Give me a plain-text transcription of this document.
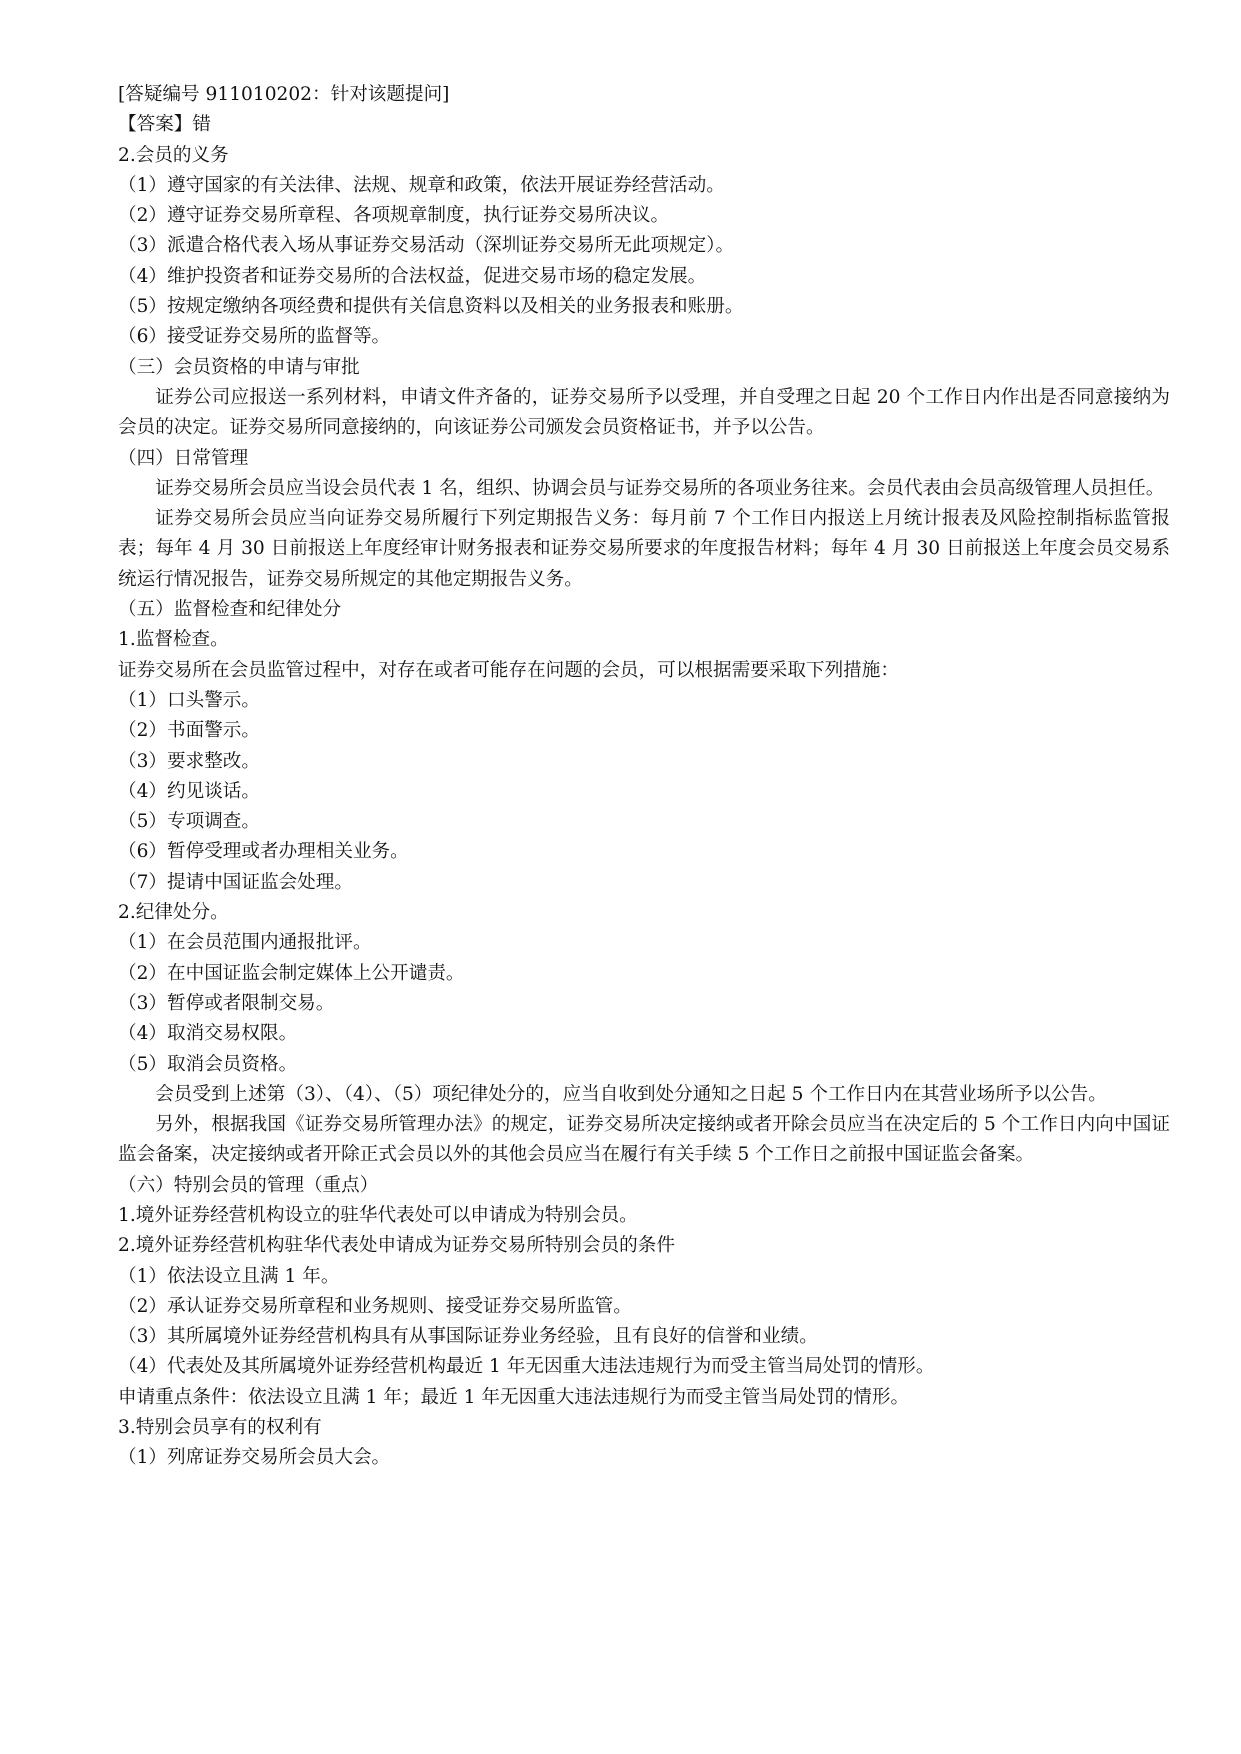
[答疑编号 911010202：针对该题提问]
【答案】错
2.会员的义务
（1）遵守国家的有关法律、法规、规章和政策，依法开展证券经营活动。
（2）遵守证券交易所章程、各项规章制度，执行证券交易所决议。
（3）派遣合格代表入场从事证券交易活动（深圳证券交易所无此项规定）。
（4）维护投资者和证券交易所的合法权益，促进交易市场的稳定发展。
（5）按规定缴纳各项经费和提供有关信息资料以及相关的业务报表和账册。
（6）接受证券交易所的监督等。
（三）会员资格的申请与审批

证券公司应报送一系列材料，申请文件齐备的，证券交易所予以受理，并自受理之日起 20 个工作日内作出是否同意接纳为会员的决定。证券交易所同意接纳的，向该证券公司颁发会员资格证书，并予以公告。

（四）日常管理

证券交易所会员应当设会员代表 1 名，组织、协调会员与证券交易所的各项业务往来。会员代表由会员高级管理人员担任。

证券交易所会员应当向证券交易所履行下列定期报告义务：每月前 7 个工作日内报送上月统计报表及风险控制指标监管报表；每年 4 月 30 日前报送上年度经审计财务报表和证券交易所要求的年度报告材料；每年 4 月 30 日前报送上年度会员交易系统运行情况报告，证券交易所规定的其他定期报告义务。

（五）监督检查和纪律处分
1.监督检查。
证券交易所在会员监管过程中，对存在或者可能存在问题的会员，可以根据需要采取下列措施：
（1）口头警示。
（2）书面警示。
（3）要求整改。
（4）约见谈话。
（5）专项调查。
（6）暂停受理或者办理相关业务。
（7）提请中国证监会处理。
2.纪律处分。
（1）在会员范围内通报批评。
（2）在中国证监会制定媒体上公开谴责。
（3）暂停或者限制交易。
（4）取消交易权限。
（5）取消会员资格。

会员受到上述第（3）、（4）、（5）项纪律处分的，应当自收到处分通知之日起 5 个工作日内在其营业场所予以公告。

另外，根据我国《证券交易所管理办法》的规定，证券交易所决定接纳或者开除会员应当在决定后的 5 个工作日内向中国证监会备案，决定接纳或者开除正式会员以外的其他会员应当在履行有关手续 5 个工作日之前报中国证监会备案。

（六）特别会员的管理（重点）
1.境外证券经营机构设立的驻华代表处可以申请成为特别会员。
2.境外证券经营机构驻华代表处申请成为证券交易所特别会员的条件
（1）依法设立且满 1 年。
（2）承认证券交易所章程和业务规则、接受证券交易所监管。
（3）其所属境外证券经营机构具有从事国际证券业务经验，且有良好的信誉和业绩。
（4）代表处及其所属境外证券经营机构最近 1 年无因重大违法违规行为而受主管当局处罚的情形。
申请重点条件：依法设立且满 1 年；最近 1 年无因重大违法违规行为而受主管当局处罚的情形。
3.特别会员享有的权利有
（1）列席证券交易所会员大会。
